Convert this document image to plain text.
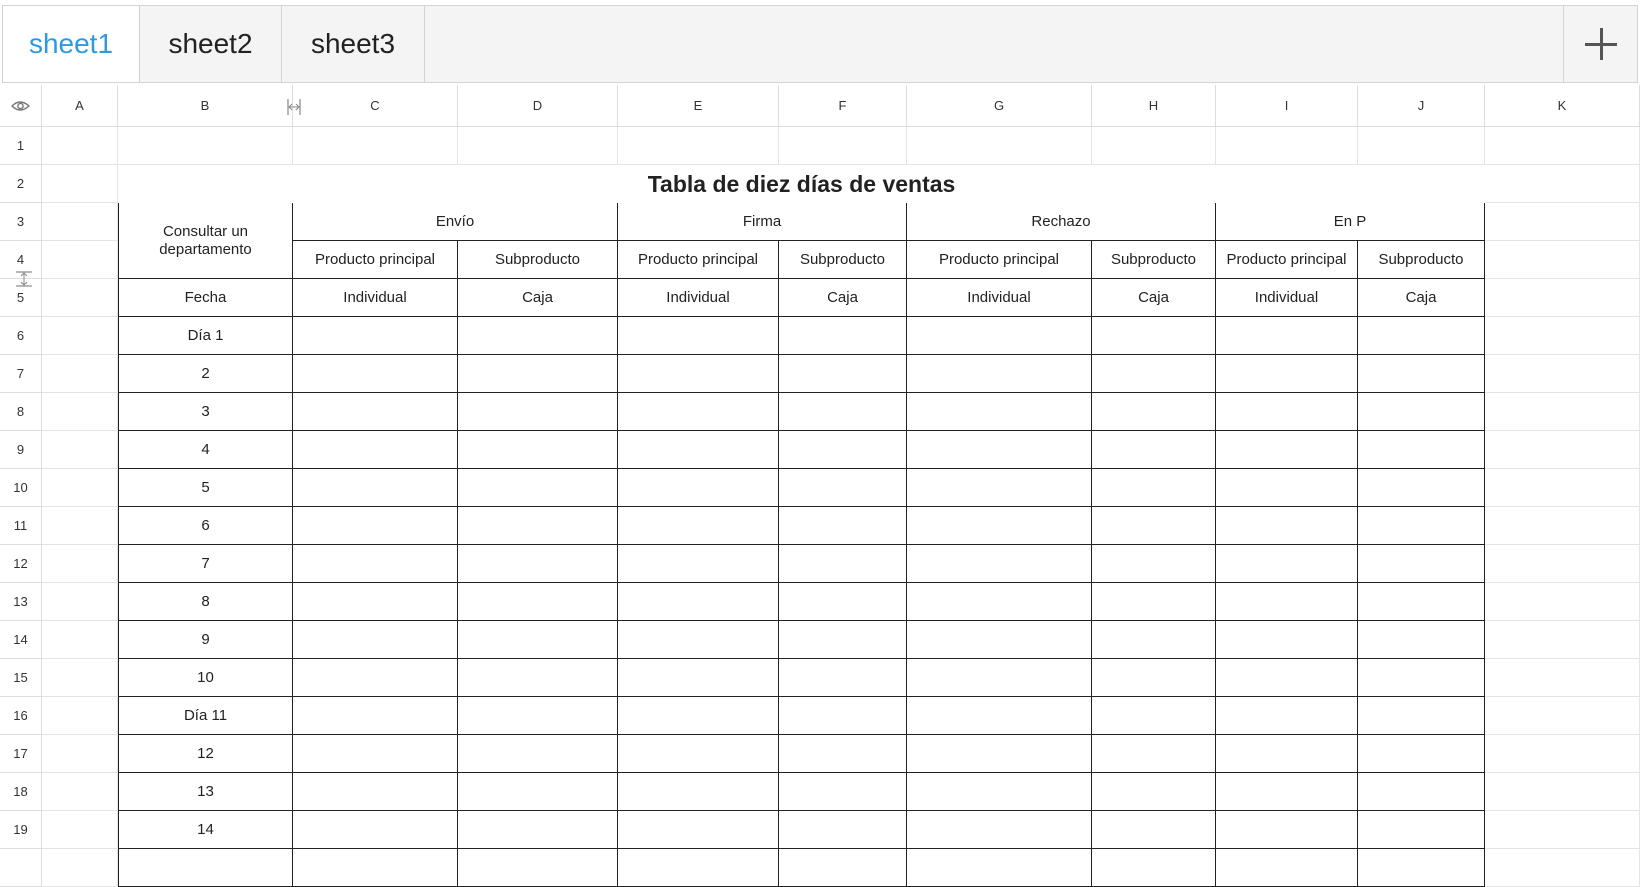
sheet1	sheet2	sheet3
A	B	C	D	E	F	G	H	I	J	K
1
2
3
4
5
6
7
8
9
10
11
12
13
14
15
16
17
18
19
Tabla de diez días de ventas
Consultar un departamento
Envío	Firma	Rechazo	En P
Producto principal	Subproducto	Producto principal	Subproducto	Producto principal	Subproducto	Producto principal	Subproducto
Fecha	Individual	Caja	Individual	Caja	Individual	Caja	Individual	Caja
Día 1
2
3
4
5
6
7
8
9
10
Día 11
12
13
14
